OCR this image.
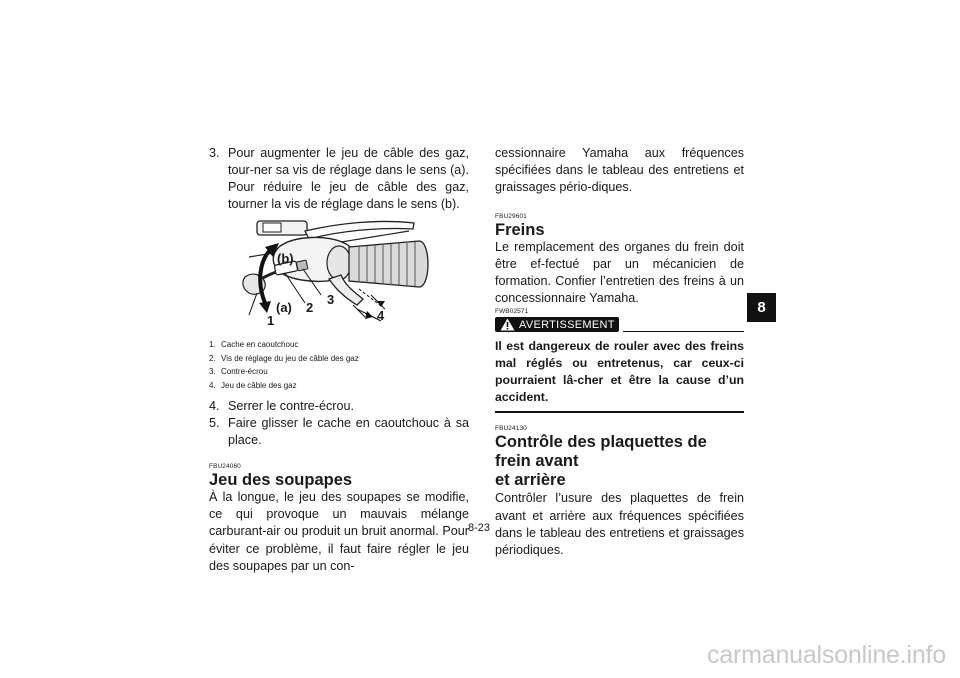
3. Pour augmenter le jeu de câble des gaz, tour-ner sa vis de réglage dans le sens (a). Pour réduire le jeu de câble des gaz, tourner la vis de réglage dans le sens (b).
(b)
(a)
1
2
3
4

1. Cache en caoutchouc

2. Vis de réglage du jeu de câble des gaz

3. Contre-écrou

4. Jeu de câble des gaz

4. Serrer le contre-écrou.
5. Faire glisser le cache en caoutchouc à sa place.

FBU24060

Jeu des soupapes

À la longue, le jeu des soupapes se modifie, ce qui provoque un mauvais mélange carburant-air ou produit un bruit anormal. Pour éviter ce problème, il faut faire régler le jeu des soupapes par un con-

cessionnaire Yamaha aux fréquences spécifiées dans le tableau des entretiens et graissages pério-diques.

FBU29601

Freins

Le remplacement des organes du frein doit être ef-fectué par un mécanicien de formation. Confier l’entretien des freins à un concessionnaire Yamaha.

FWB02571

AVERTISSEMENT

Il est dangereux de rouler avec des freins mal réglés ou entretenus, car ceux-ci pourraient lâ-cher et être la cause d’un accident.

FBU24130

Contrôle des plaquettes de frein avant
et arrière

Contrôler l’usure des plaquettes de frein avant et arrière aux fréquences spécifiées dans le tableau des entretiens et graissages périodiques.

8
8-23
carmanualsonline.info
